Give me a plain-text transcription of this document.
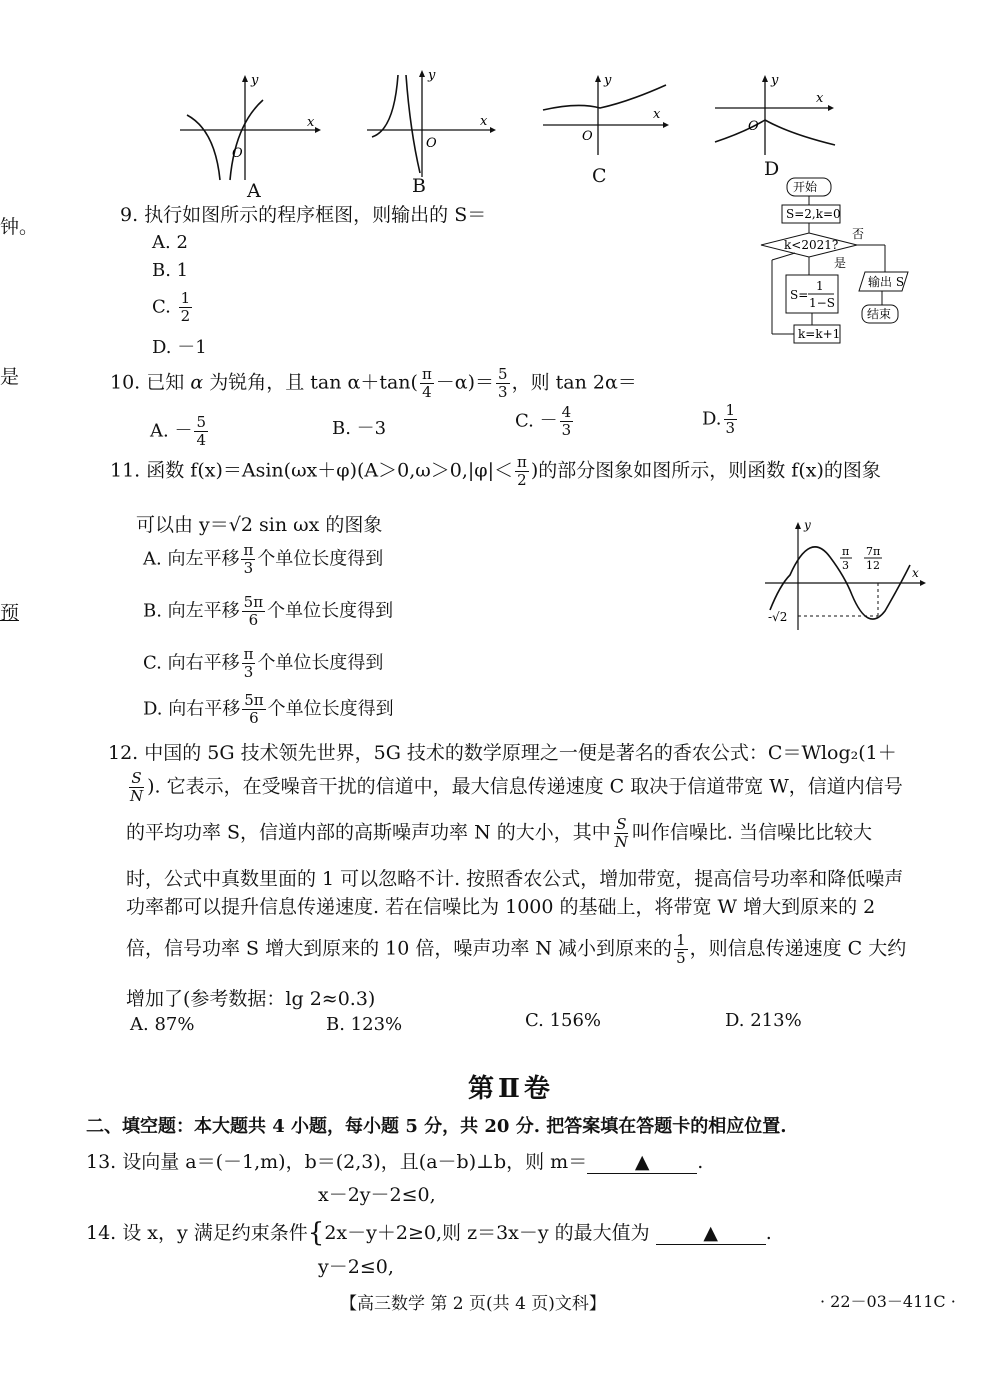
钟。
是
预
y
x
O
A
y
x
O
B
y
x
O
C
y
x
O
D
9. 执行如图所示的程序框图，则输出的 S＝
A. 2
B. 1
C. $\frac{1}{2}$
D. －1
开始
S=2,k=0
k<2021?
是
否
输出 S
结束
S=
1
1−S
k=k+1
10. 已知 α 为锐角，且 $\tan \alpha+\tan( \frac{\pi}{4} -\alpha)= \frac{5}{3}$ ，则 tan 2α＝
A. － $\frac{5}{4}$	B. －3	C. － $\frac{4}{3}$	D. $\frac{1}{3}$
11. 函数 $f(x)=Asin(\omega x+\varphi)(A>0,\omega>0,|\varphi|< \frac{\pi}{2}$ )的部分图象如图所示，则函数 f(x)的图象
可以由 y＝√2 sin ωx 的图象
A. 向左平移 $\frac{\pi}{3}$ 个单位长度得到
B. 向左平移 $\frac{5\pi}{6}$ 个单位长度得到
C. 向右平移 $\frac{\pi}{3}$ 个单位长度得到
D. 向右平移 $\frac{5\pi}{6}$ 个单位长度得到
y
x
π
3
7π
12
-√2
12. 中国的 5G 技术领先世界，5G 技术的数学原理之一便是著名的香农公式：C＝Wlog₂(1＋
$\frac{S}{N}$ ). 它表示，在受噪音干扰的信道中，最大信息传递速度 C 取决于信道带宽 W，信道内信号
的平均功率 S，信道内部的高斯噪声功率 N 的大小，其中 $\frac{S}{N}$ 叫作信噪比. 当信噪比比较大
时，公式中真数里面的 1 可以忽略不计. 按照香农公式，增加带宽，提高信号功率和降低噪声
功率都可以提升信息传递速度. 若在信噪比为 1000 的基础上，将带宽 W 增大到原来的 2
倍，信号功率 S 增大到原来的 10 倍，噪声功率 N 减小到原来的 $\frac{1}{5}$ ，则信息传递速度 C 大约
增加了(参考数据：lg 2≈0.3)
A. 87%	B. 123%	C. 156%	D. 213%
第Ⅱ卷
二、填空题：本大题共 4 小题，每小题 5 分，共 20 分. 把答案填在答题卡的相应位置.
13. 设向量 a＝(－1,m)，b＝(2,3)，且(a－b)⊥b，则 m＝	▲	.
x－2y－2≤0,
14. 设 x，y 满足约束条件{2x－y＋2≥0,则 z＝3x－y 的最大值为	▲	.
y－2≤0,
【高三数学 第 2 页(共 4 页)文科】	· 22－03－411C ·
